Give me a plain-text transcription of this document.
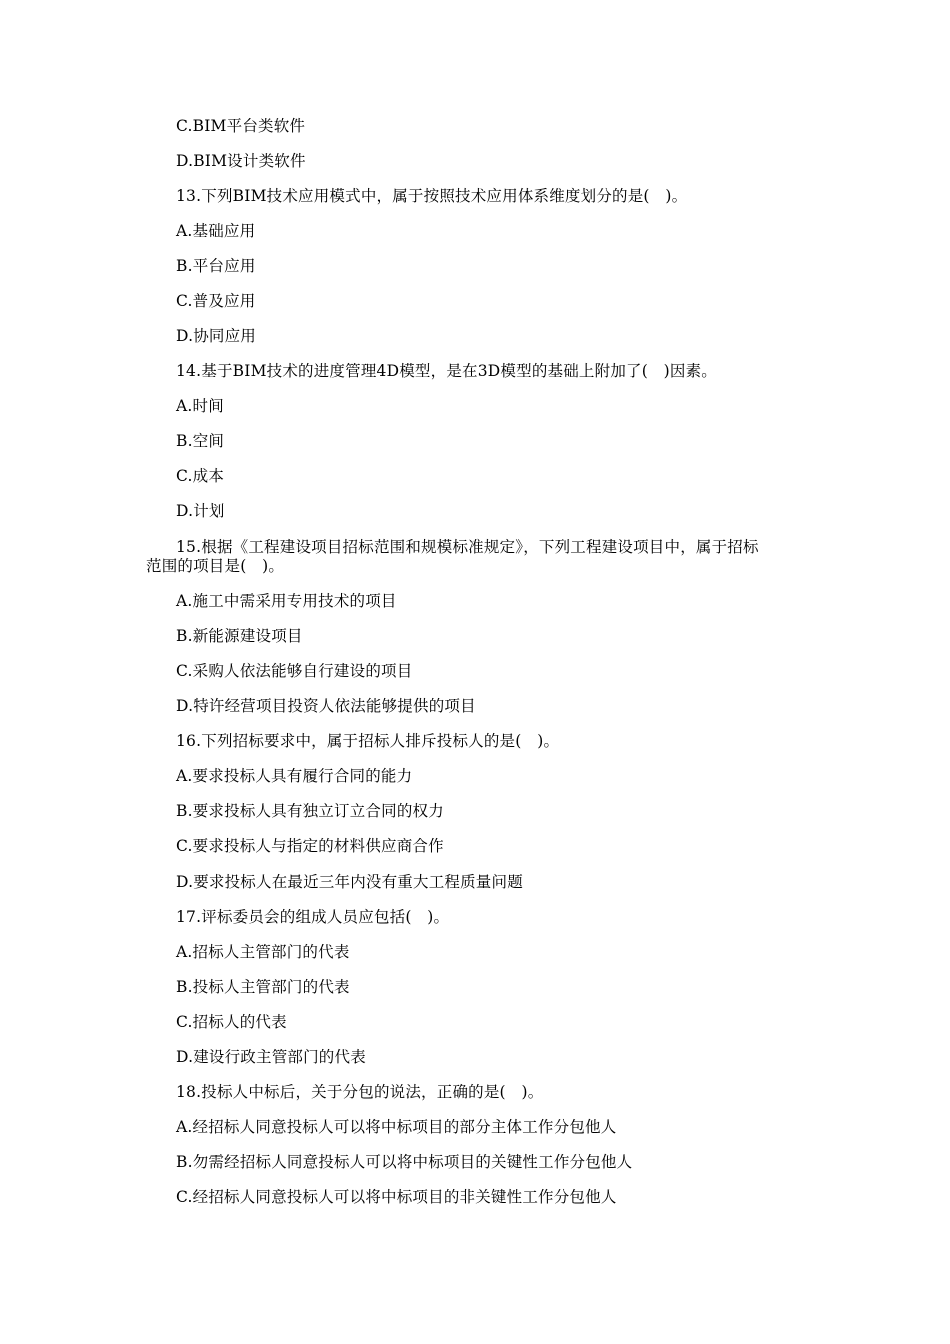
C.BIM平台类软件
D.BIM设计类软件
13.下列BIM技术应用模式中，属于按照技术应用体系维度划分的是(　)。
A.基础应用
B.平台应用
C.普及应用
D.协同应用
14.基于BIM技术的进度管理4D模型，是在3D模型的基础上附加了(　)因素。
A.时间
B.空间
C.成本
D.计划
15.根据《工程建设项目招标范围和规模标准规定》，下列工程建设项目中，属于招标
范围的项目是(　)。
A.施工中需采用专用技术的项目
B.新能源建设项目
C.采购人依法能够自行建设的项目
D.特许经营项目投资人依法能够提供的项目
16.下列招标要求中，属于招标人排斥投标人的是(　)。
A.要求投标人具有履行合同的能力
B.要求投标人具有独立订立合同的权力
C.要求投标人与指定的材料供应商合作
D.要求投标人在最近三年内没有重大工程质量问题
17.评标委员会的组成人员应包括(　)。
A.招标人主管部门的代表
B.投标人主管部门的代表
C.招标人的代表
D.建设行政主管部门的代表
18.投标人中标后，关于分包的说法，正确的是(　)。
A.经招标人同意投标人可以将中标项目的部分主体工作分包他人
B.勿需经招标人同意投标人可以将中标项目的关键性工作分包他人
C.经招标人同意投标人可以将中标项目的非关键性工作分包他人
